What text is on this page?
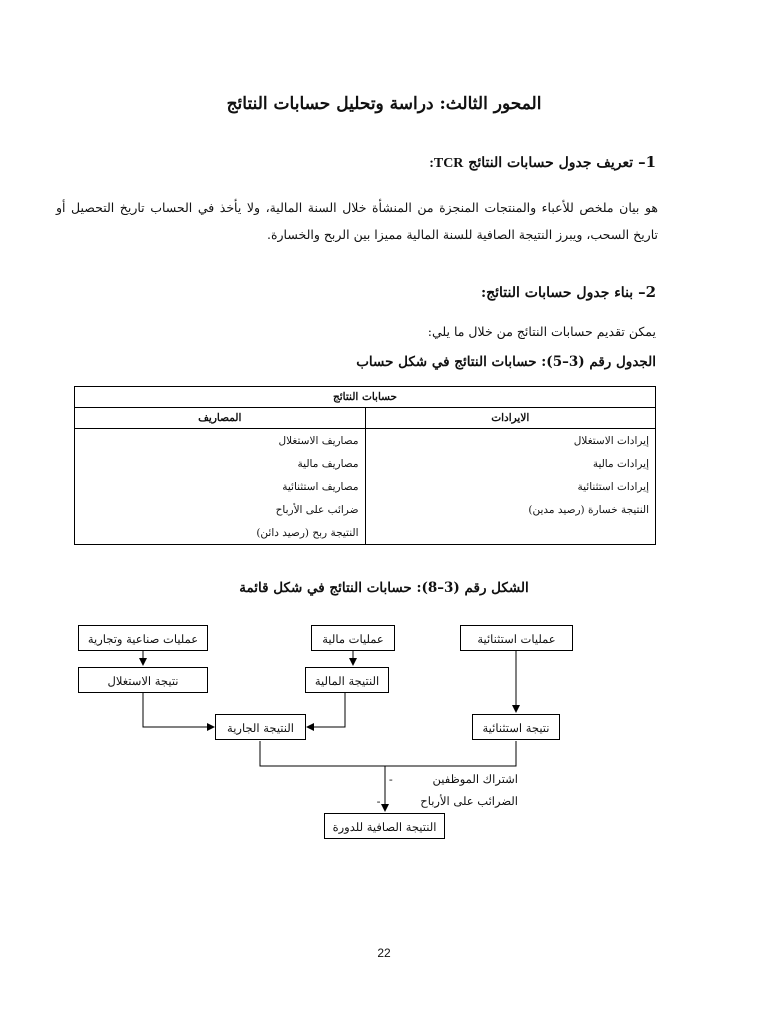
المحور الثالث: دراسة وتحليل حسابات النتائج
1– تعريف جدول حسابات النتائج TCR:
هو بيان ملخص للأعباء والمنتجات المنجزة من المنشأة خلال السنة المالية، ولا يأخذ في الحساب تاريخ التحصيل أو تاريخ السحب، ويبرز النتيجة الصافية للسنة المالية مميزا بين الربح والخسارة.
2– بناء جدول حسابات النتائج:
يمكن تقديم حسابات النتائج من خلال ما يلي:
الجدول رقم (3–5): حسابات النتائج في شكل حساب
حسابات النتائج	
الايرادات	المصاريف
إيرادات الاستغلال	مصاريف الاستغلال
إيرادات مالية	مصاريف مالية
إيرادات استثنائية	مصاريف استثنائية
النتيجة خسارة (رصيد مدين)	ضرائب على الأرباح
	النتيجة ربح (رصيد دائن)
الشكل رقم (3–8): حسابات النتائج في شكل قائمة
عمليات صناعية وتجارية	عمليات مالية	عمليات استثنائية
نتيجة الاستغلال	النتيجة المالية
النتيجة الجارية	نتيجة استثنائية
اشتراك الموظفين -
الضرائب على الأرباح -
النتيجة الصافية للدورة
22
